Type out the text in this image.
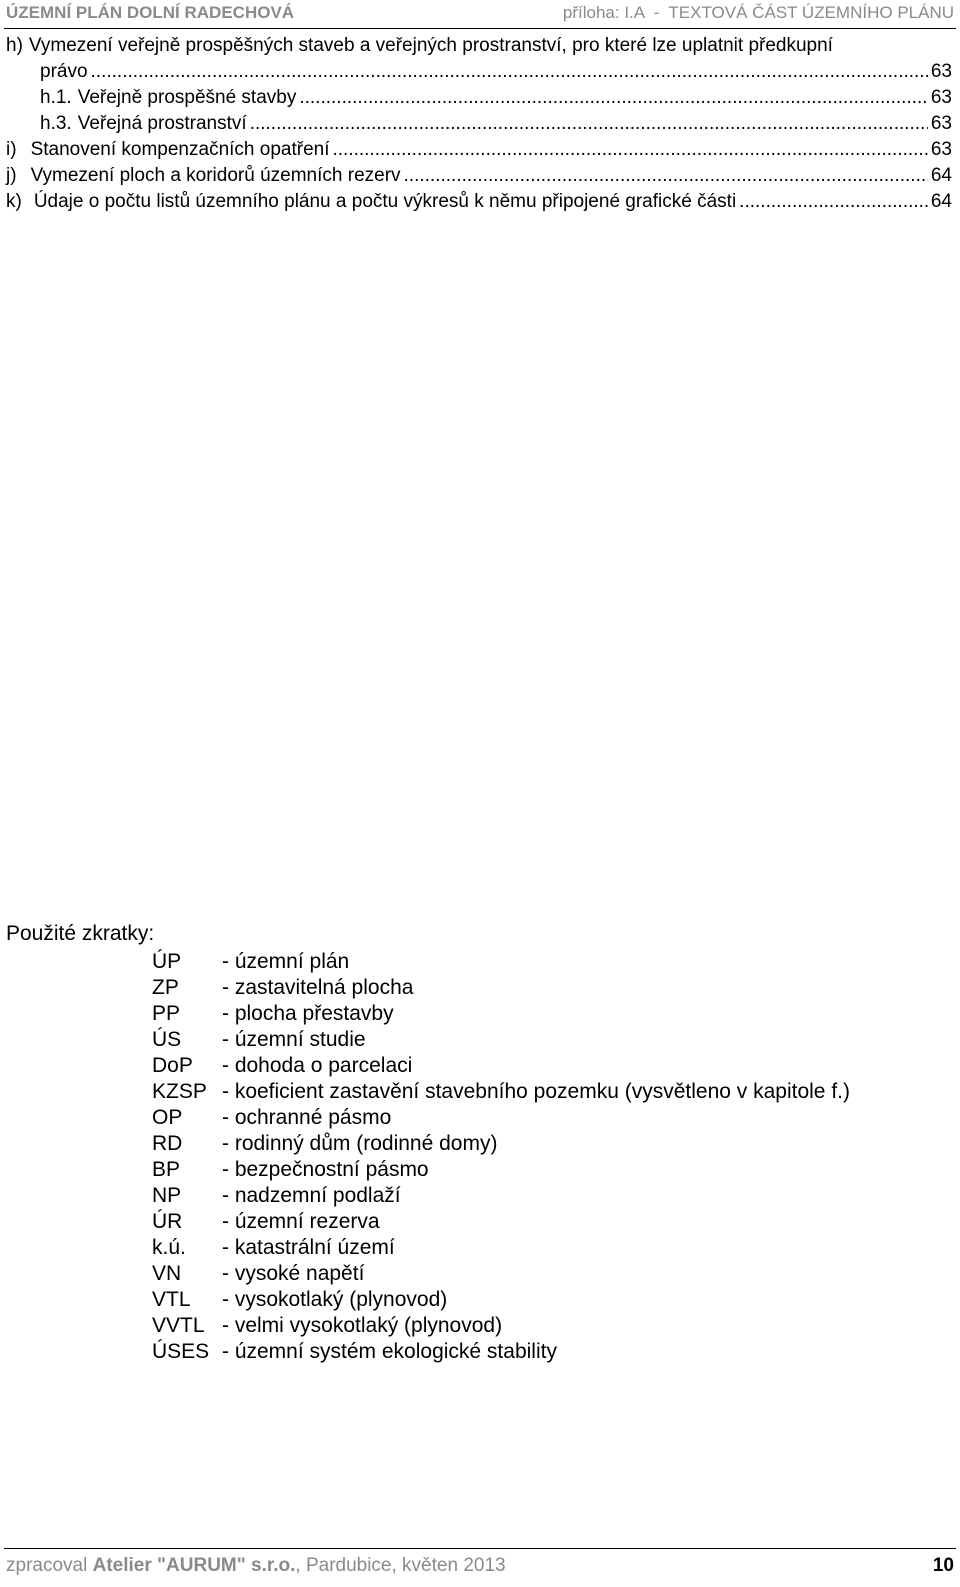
ÚZEMNÍ PLÁN DOLNÍ RADECHOVÁ	příloha: I.A  -  TEXTOVÁ ČÁST ÚZEMNÍHO PLÁNU
h) Vymezení veřejně prospěšných staveb a veřejných prostranství, pro které lze uplatnit předkupní
právo .....	63
h.1. Veřejně prospěšné stavby .....	63
h.3. Veřejná prostranství .....	63
i) Stanovení kompenzačních opatření .....	63
j) Vymezení ploch a koridorů územních rezerv .....	64
k) Údaje o počtu listů územního plánu a počtu výkresů k němu připojené grafické části .....	64
Použité zkratky:
ÚP	- územní plán
ZP	- zastavitelná plocha
PP	- plocha přestavby
ÚS	- územní studie
DoP	- dohoda o parcelaci
KZSP - koeficient zastavění stavebního pozemku (vysvětleno v kapitole f.)
OP	- ochranné pásmo
RD	- rodinný dům (rodinné domy)
BP	- bezpečnostní pásmo
NP	- nadzemní podlaží
ÚR	- územní rezerva
k.ú.	- katastrální území
VN	- vysoké napětí
VTL	- vysokotlaký (plynovod)
VVTL - velmi vysokotlaký (plynovod)
ÚSES - územní systém ekologické stability
zpracoval Atelier "AURUM" s.r.o., Pardubice, květen 2013	10
